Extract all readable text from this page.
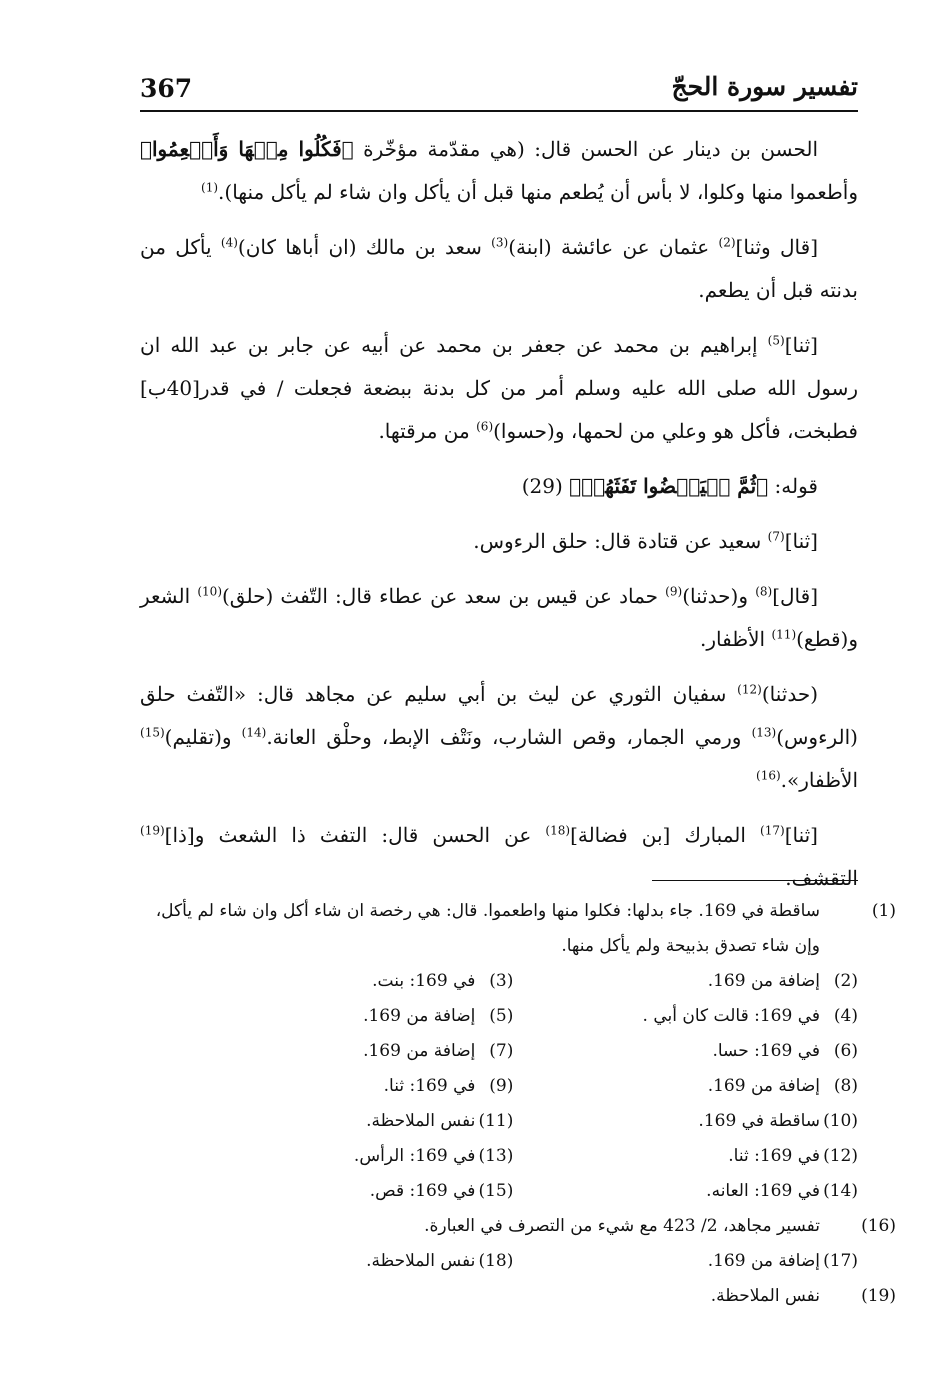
367	تفسير سورة الحجّ

الحسن بن دينار عن الحسن قال: (هي مقدّمة مؤخّرة ﴿فَكُلُوا مِنۡهَا وَأَطۡعِمُوا﴾ وأطعموا منها وكلوا، لا بأس أن يُطعم منها قبل أن يأكل وان شاء لم يأكل منها).$^{(1)}$

[قال وثنا]$^{(2)}$ عثمان عن عائشة (ابنة)$^{(3)}$ سعد بن مالك (ان أباها كان)$^{(4)}$ يأكل من بدنته قبل أن يطعم.

[ثنا]$^{(5)}$ إبراهيم بن محمد عن جعفر بن محمد عن أبيه عن جابر بن عبد الله ان رسول الله صلى الله عليه وسلم أمر من كل بدنة ببضعة فجعلت / في قدر[40ب] فطبخت، فأكل هو وعلي من لحمها، و(حسوا)$^{(6)}$ من مرقتها.

قوله: ﴿ثُمَّ لۡيَقۡضُوا تَفَثَهُمۡ﴾ (29)

[ثنا]$^{(7)}$ سعيد عن قتادة قال: حلق الرءوس.

[قال]$^{(8)}$ و(حدثنا)$^{(9)}$ حماد عن قيس بن سعد عن عطاء قال: التّفث (حلق)$^{(10)}$ الشعر و(قطع)$^{(11)}$ الأظفار.

(حدثنا)$^{(12)}$ سفيان الثوري عن ليث بن أبي سليم عن مجاهد قال: «التّفث حلق (الرءوس)$^{(13)}$ ورمي الجمار، وقص الشارب، ونَتْف الإبط، وحلْق العانة.$^{(14)}$ و(تقليم)$^{(15)}$ الأظفار».$^{(16)}$

[ثنا]$^{(17)}$ المبارك [بن فضالة]$^{(18)}$ عن الحسن قال: التفث ذا الشعث و[ذا]$^{(19)}$ التقشف.

(1)ساقطة في 169. جاء بدلها: فكلوا منها واطعموا. قال: هي رخصة ان شاء أكل وان شاء لم يأكل، وإن شاء تصدق بذبيحة ولم يأكل منها.

(2)إضافة من 169.
(3)في 169: بنت.
(4)في 169: قالت كان أبي .
(5)إضافة من 169.
(6)في 169: حسا.
(7)إضافة من 169.
(8)إضافة من 169.
(9)في 169: ثنا.
(10)ساقطة في 169.
(11)نفس الملاحظة.
(12)في 169: ثنا.
(13)في 169: الرأس.
(14)في 169: العانه.
(15)في 169: قص.

(16)تفسير مجاهد، 2/ 423 مع شيء من التصرف في العبارة.

(17)إضافة من 169.
(18)نفس الملاحظة.

(19)نفس الملاحظة.
